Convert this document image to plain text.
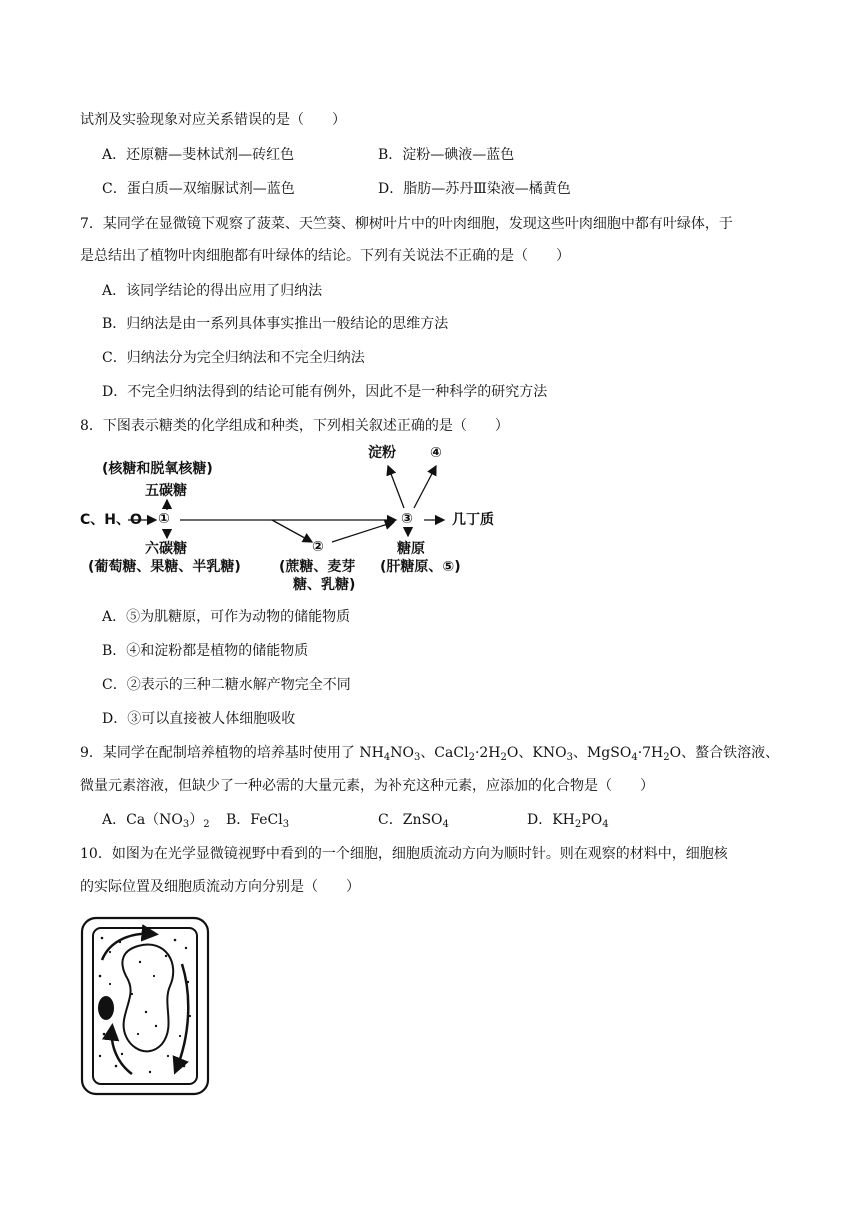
试剂及实验现象对应关系错误的是（　　）
A．还原糖—斐林试剂—砖红色	B．淀粉—碘液—蓝色
C．蛋白质—双缩脲试剂—蓝色	D．脂肪—苏丹Ⅲ染液—橘黄色
7．某同学在显微镜下观察了菠菜、天竺葵、柳树叶片中的叶肉细胞，发现这些叶肉细胞中都有叶绿体，于
是总结出了植物叶肉细胞都有叶绿体的结论。下列有关说法不正确的是（　　）
A．该同学结论的得出应用了归纳法
B．归纳法是由一系列具体事实推出一般结论的思维方法
C．归纳法分为完全归纳法和不完全归纳法
D．不完全归纳法得到的结论可能有例外，因此不是一种科学的研究方法
8．下图表示糖类的化学组成和种类，下列相关叙述正确的是（　　）
淀粉 ④
(核糖和脱氧核糖)
五碳糖
C、H、O ①	③	几丁质
六碳糖	②	糖原
(葡萄糖、果糖、半乳糖)	(蔗糖、麦芽
糖、乳糖)
(肝糖原、⑤)
A．⑤为肌糖原，可作为动物的储能物质
B．④和淀粉都是植物的储能物质
C．②表示的三种二糖水解产物完全不同
D．③可以直接被人体细胞吸收
9．某同学在配制培养植物的培养基时使用了 $NH_4NO_3$、$CaCl_2\cdot 2H_2O$、$KNO_3$、$MgSO_4\cdot 7H_2O$、螯合铁溶液、
微量元素溶液，但缺少了一种必需的大量元素，为补充这种元素，应添加的化合物是（　　）
A．$Ca(NO_3)_2$ B．FeCl$_3$	C．ZnSO$_4$	D．$KH_2PO_4$
10．如图为在光学显微镜视野中看到的一个细胞，细胞质流动方向为顺时针。则在观察的材料中，细胞核
的实际位置及细胞质流动方向分别是（　　）
